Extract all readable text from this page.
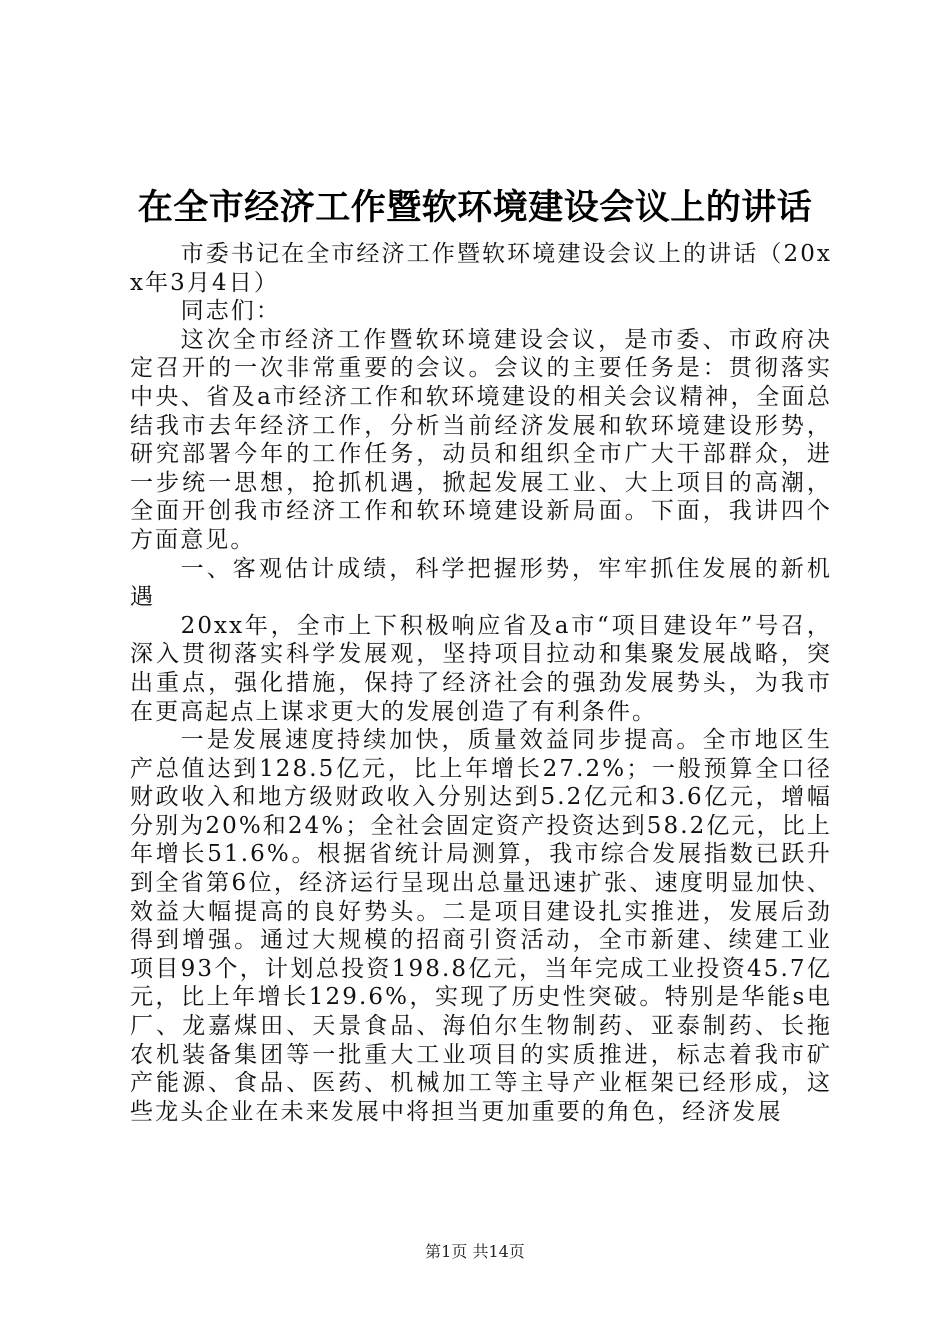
在全市经济工作暨软环境建设会议上的讲话

市委书记在全市经济工作暨软环境建设会议上的讲话（20xx年3月4日）

同志们：

这次全市经济工作暨软环境建设会议，是市委、市政府决定召开的一次非常重要的会议。会议的主要任务是：贯彻落实中央、省及a市经济工作和软环境建设的相关会议精神，全面总结我市去年经济工作，分析当前经济发展和软环境建设形势，研究部署今年的工作任务，动员和组织全市广大干部群众，进一步统一思想，抢抓机遇，掀起发展工业、大上项目的高潮，全面开创我市经济工作和软环境建设新局面。下面，我讲四个方面意见。

一、客观估计成绩，科学把握形势，牢牢抓住发展的新机遇

20xx年，全市上下积极响应省及a市“项目建设年”号召，深入贯彻落实科学发展观，坚持项目拉动和集聚发展战略，突出重点，强化措施，保持了经济社会的强劲发展势头，为我市在更高起点上谋求更大的发展创造了有利条件。

一是发展速度持续加快，质量效益同步提高。全市地区生产总值达到128.5亿元，比上年增长27.2%；一般预算全口径财政收入和地方级财政收入分别达到5.2亿元和3.6亿元，增幅分别为20%和24%；全社会固定资产投资达到58.2亿元，比上年增长51.6%。根据省统计局测算，我市综合发展指数已跃升到全省第6位，经济运行呈现出总量迅速扩张、速度明显加快、效益大幅提高的良好势头。二是项目建设扎实推进，发展后劲得到增强。通过大规模的招商引资活动，全市新建、续建工业项目93个，计划总投资198.8亿元，当年完成工业投资45.7亿元，比上年增长129.6%，实现了历史性突破。特别是华能s电厂、龙嘉煤田、天景食品、海伯尔生物制药、亚泰制药、长拖农机装备集团等一批重大工业项目的实质推进，标志着我市矿产能源、食品、医药、机械加工等主导产业框架已经形成，这些龙头企业在未来发展中将担当更加重要的角色，经济发展

第1页 共14页
